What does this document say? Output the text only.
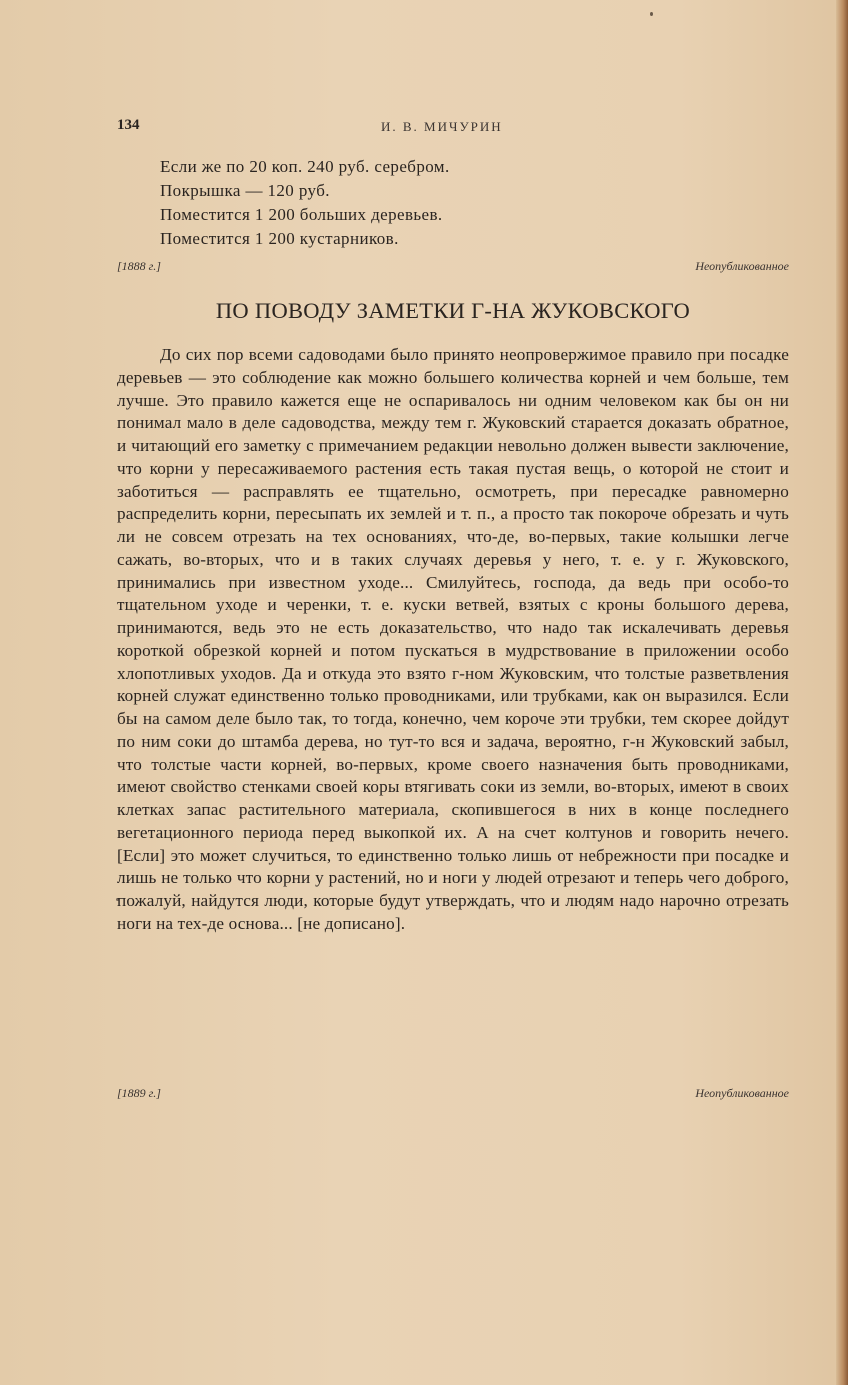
134	И. В. МИЧУРИН
Если же по 20 коп. 240 руб. серебром.
Покрышка — 120 руб.
Поместится 1 200 больших деревьев.
Поместится 1 200 кустарников.
[1888 г.]	Неопубликованное
ПО ПОВОДУ ЗАМЕТКИ Г-НА ЖУКОВСКОГО
До сих пор всеми садоводами было принято неопровержимое правило при посадке деревьев — это соблюдение как можно большего количества корней и чем больше, тем лучше. Это правило кажется еще не оспаривалось ни одним человеком как бы он ни понимал мало в деле садоводства, между тем г. Жуковский старается доказать обратное, и читающий его заметку с примечанием редакции невольно должен вывести заключение, что корни у пересаживаемого растения есть такая пустая вещь, о которой не стоит и заботиться — расправлять ее тщательно, осмотреть, при пересадке равномерно распределить корни, пересыпать их землей и т. п., а просто так покороче обрезать и чуть ли не совсем отрезать на тех основаниях, что-де, во-первых, такие колышки легче сажать, во-вторых, что и в таких случаях деревья у него, т. е. у г. Жуковского, принимались при известном уходе... Смилуйтесь, господа, да ведь при особо-то тщательном уходе и черенки, т. е. куски ветвей, взятых с кроны большого дерева, принимаются, ведь это не есть доказательство, что надо так искалечивать деревья короткой обрезкой корней и потом пускаться в мудрствование в приложении особо хлопотливых уходов. Да и откуда это взято г-ном Жуковским, что толстые разветвления корней служат единственно только проводниками, или трубками, как он выразился. Если бы на самом деле было так, то тогда, конечно, чем короче эти трубки, тем скорее дойдут по ним соки до штамба дерева, но тут-то вся и задача, вероятно, г-н Жуковский забыл, что толстые части корней, во-первых, кроме своего назначения быть проводниками, имеют свойство стенками своей коры втягивать соки из земли, во-вторых, имеют в своих клетках запас растительного материала, скопившегося в них в конце последнего вегетационного периода перед выкопкой их. А на счет колтунов и говорить нечего. [Если] это может случиться, то единственно только лишь от небрежности при посадке и лишь не только что корни у растений, но и ноги у людей отрезают и теперь чего доброго, пожалуй, найдутся люди, которые будут утверждать, что и людям надо нарочно отрезать ноги на тех-де основа... [не дописано].
[1889 г.]	Неопубликованное
